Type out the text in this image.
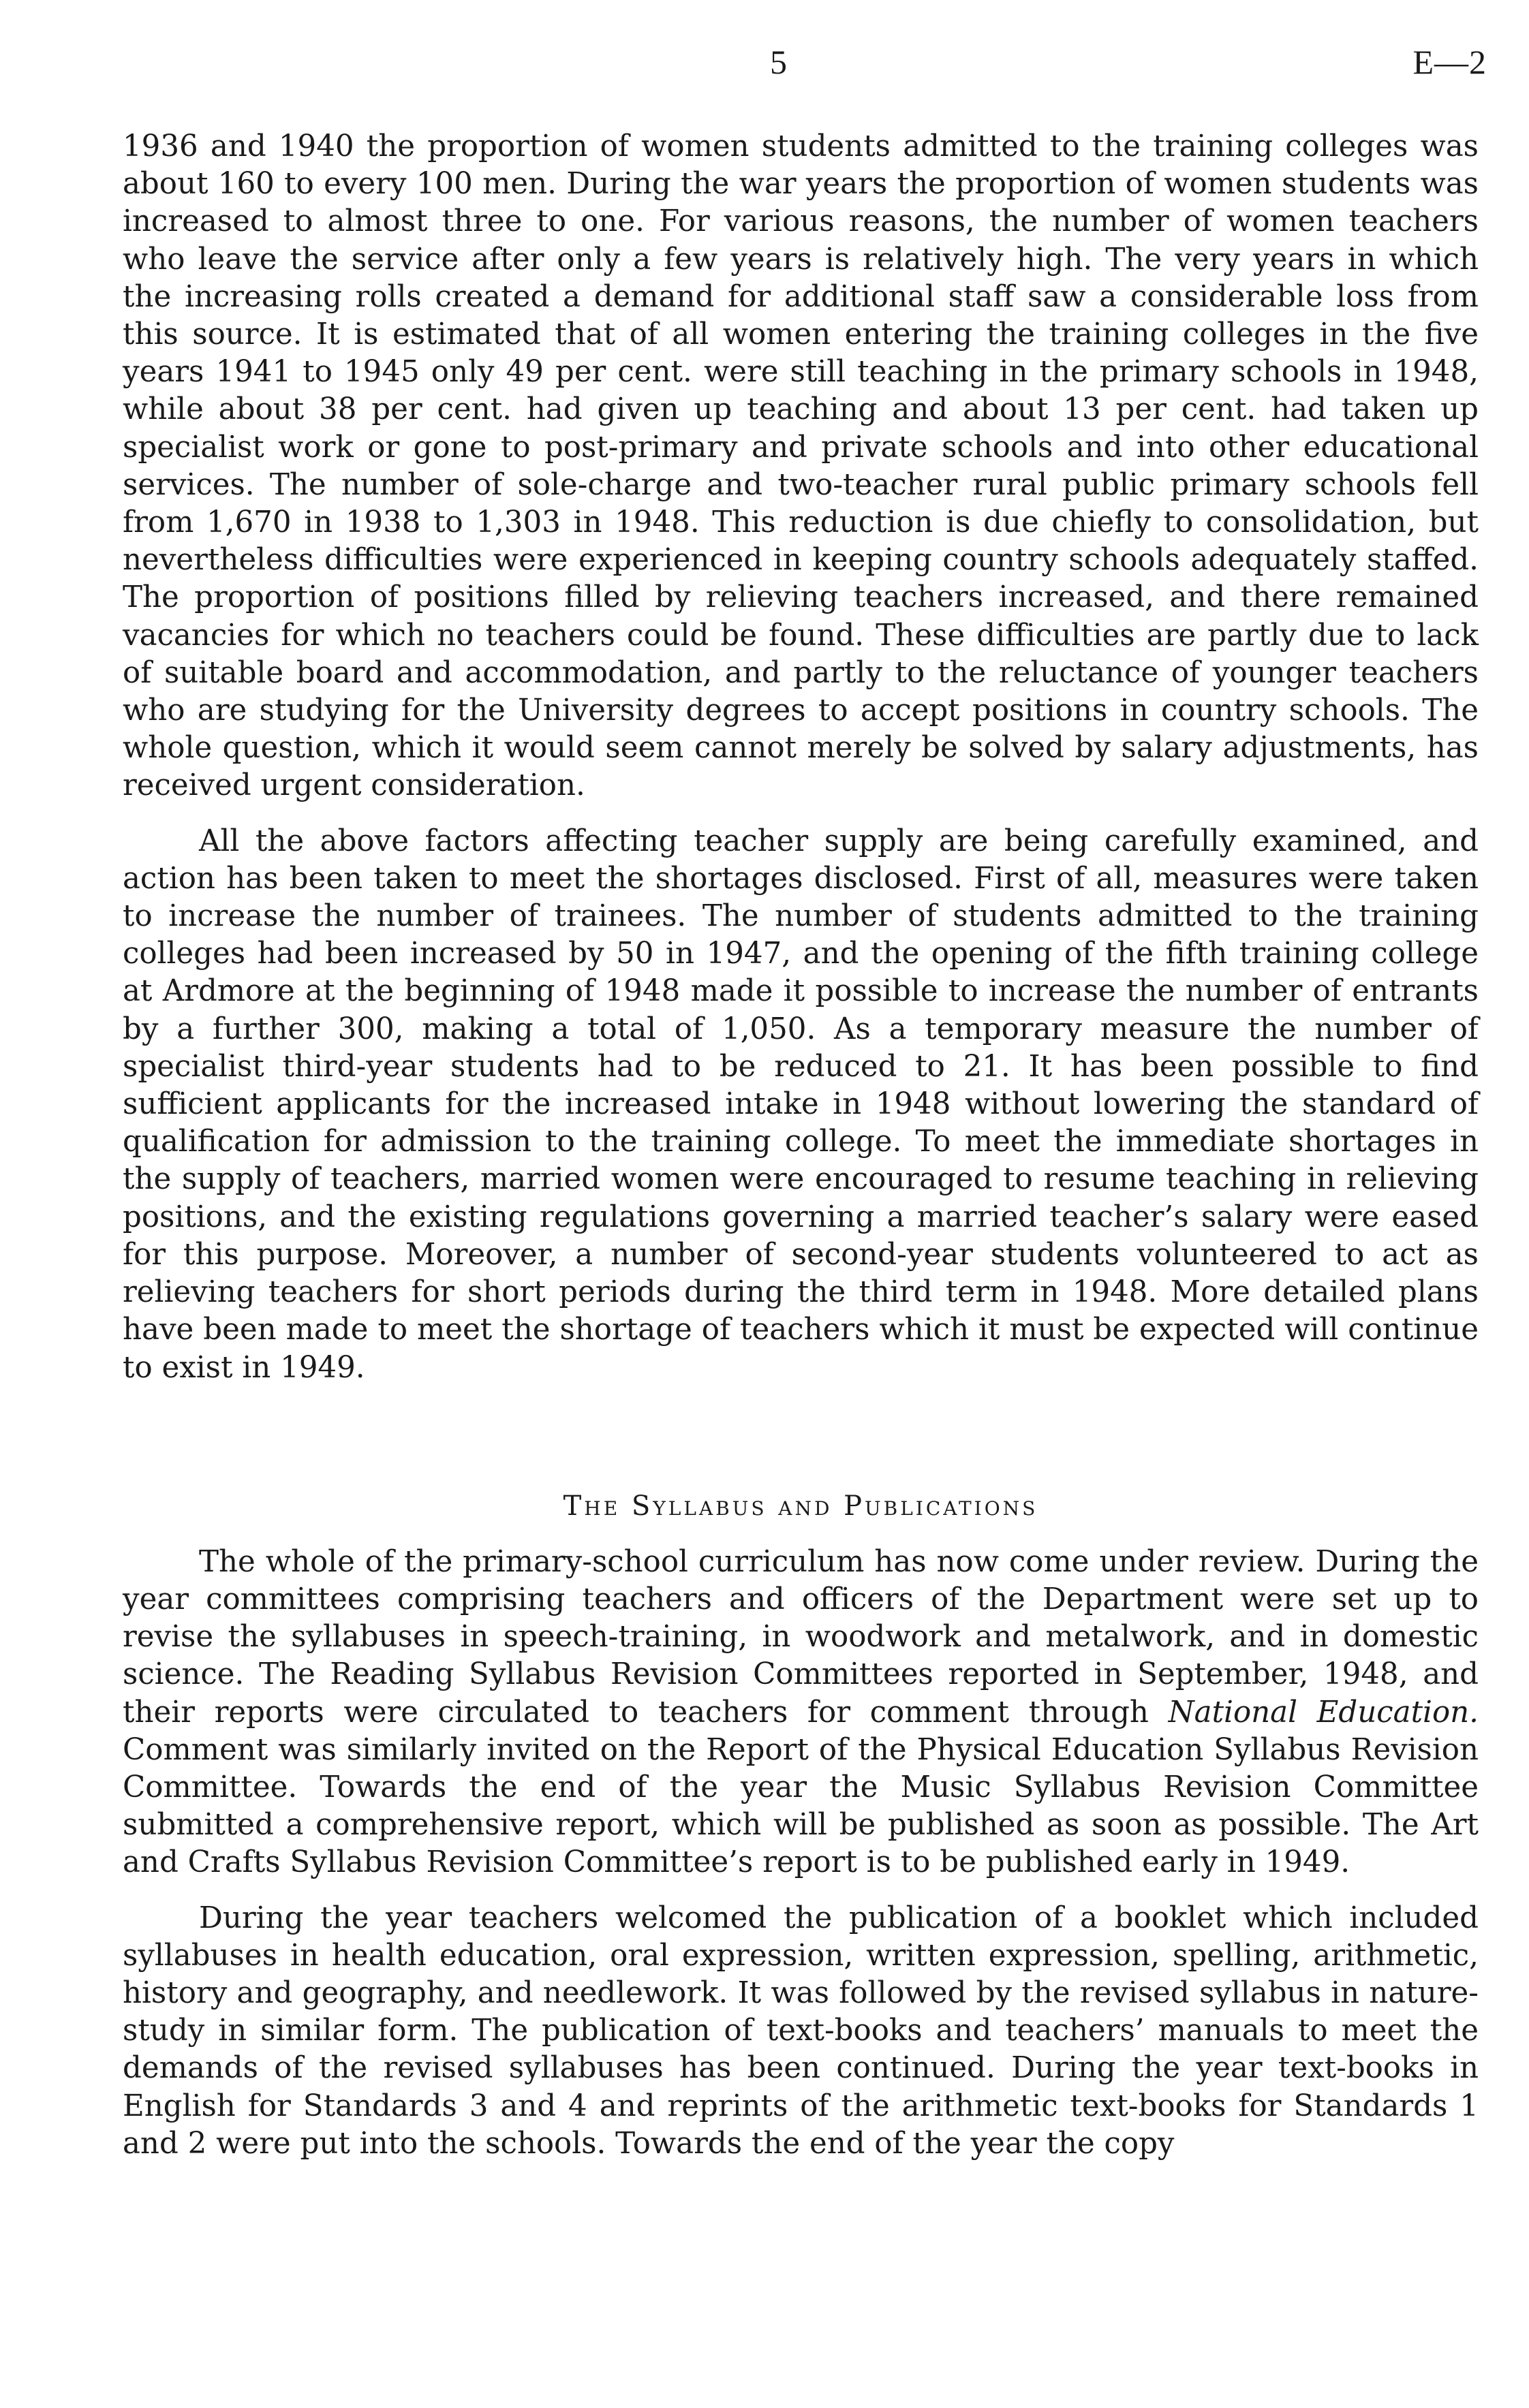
5	E—2

1936 and 1940 the proportion of women students admitted to the training colleges was about 160 to every 100 men. During the war years the proportion of women students was increased to almost three to one. For various reasons, the number of women teachers who leave the service after only a few years is relatively high. The very years in which the increasing rolls created a demand for additional staff saw a considerable loss from this source. It is estimated that of all women entering the training colleges in the five years 1941 to 1945 only 49 per cent. were still teaching in the primary schools in 1948, while about 38 per cent. had given up teaching and about 13 per cent. had taken up specialist work or gone to post-primary and private schools and into other educational services. The number of sole-charge and two-teacher rural public primary schools fell from 1,670 in 1938 to 1,303 in 1948. This reduction is due chiefly to consolidation, but nevertheless difficulties were experienced in keeping country schools adequately staffed. The proportion of positions filled by relieving teachers increased, and there remained vacancies for which no teachers could be found. These difficulties are partly due to lack of suitable board and accommodation, and partly to the reluctance of younger teachers who are studying for the University degrees to accept positions in country schools. The whole question, which it would seem cannot merely be solved by salary adjustments, has received urgent consideration.

All the above factors affecting teacher supply are being carefully examined, and action has been taken to meet the shortages disclosed. First of all, measures were taken to increase the number of trainees. The number of students admitted to the training colleges had been increased by 50 in 1947, and the opening of the fifth training college at Ardmore at the beginning of 1948 made it possible to increase the number of entrants by a further 300, making a total of 1,050. As a temporary measure the number of specialist third-year students had to be reduced to 21. It has been possible to find sufficient applicants for the increased intake in 1948 without lowering the standard of qualification for admission to the training college. To meet the immediate shortages in the supply of teachers, married women were encouraged to resume teaching in relieving positions, and the existing regulations governing a married teacher’s salary were eased for this purpose. Moreover, a number of second-year students volunteered to act as relieving teachers for short periods during the third term in 1948. More detailed plans have been made to meet the shortage of teachers which it must be expected will continue to exist in 1949.

The Syllabus and Publications

The whole of the primary-school curriculum has now come under review. During the year committees comprising teachers and officers of the Department were set up to revise the syllabuses in speech-training, in woodwork and metalwork, and in domestic science. The Reading Syllabus Revision Committees reported in September, 1948, and their reports were circulated to teachers for comment through National Education. Comment was similarly invited on the Report of the Physical Education Syllabus Revision Committee. Towards the end of the year the Music Syllabus Revision Committee submitted a comprehensive report, which will be published as soon as possible. The Art and Crafts Syllabus Revision Committee’s report is to be published early in 1949.

During the year teachers welcomed the publication of a booklet which included syllabuses in health education, oral expression, written expression, spelling, arithmetic, history and geography, and needlework. It was followed by the revised syllabus in nature-study in similar form. The publication of text-books and teachers’ manuals to meet the demands of the revised syllabuses has been continued. During the year text-books in English for Standards 3 and 4 and reprints of the arithmetic text-books for Standards 1 and 2 were put into the schools. Towards the end of the year the copy
